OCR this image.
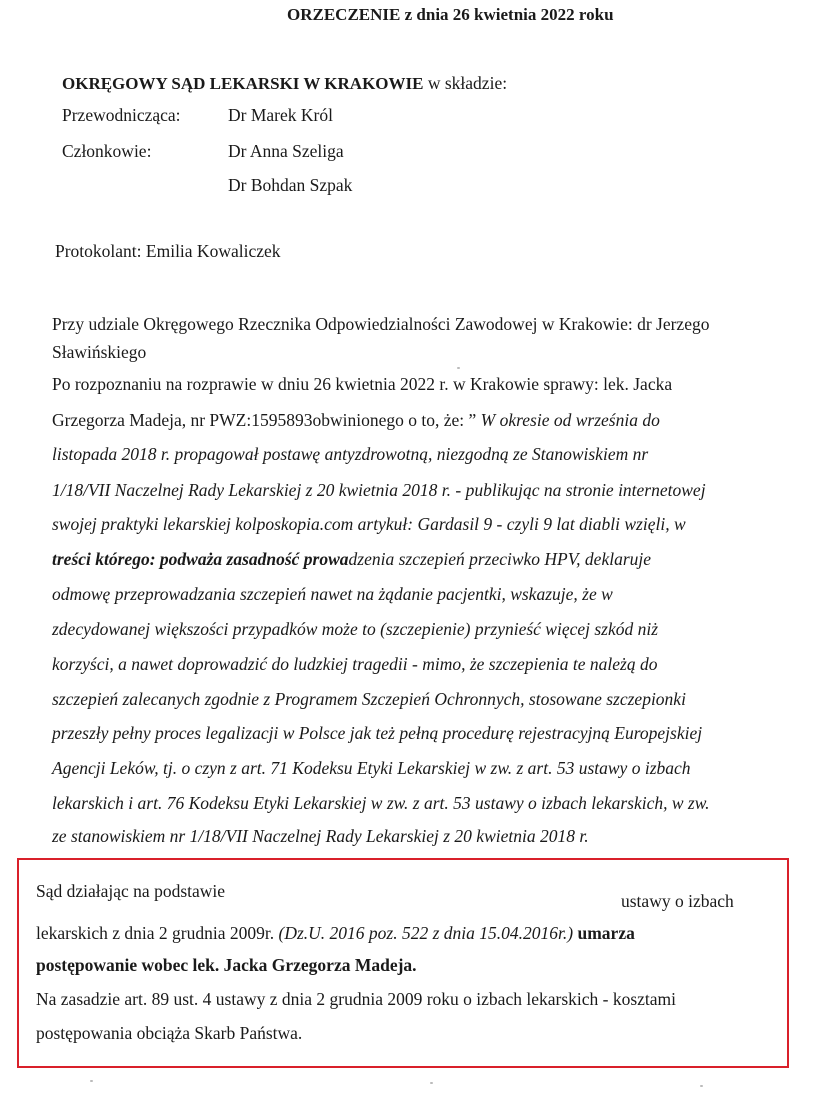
ORZECZENIE z dnia 26 kwietnia 2022 roku
OKRĘGOWY SĄD LEKARSKI W KRAKOWIE w składzie:
Przewodnicząca:	Dr Marek Król
Członkowie:	Dr Anna Szeliga
Dr Bohdan Szpak
Protokolant: Emilia Kowaliczek
Przy udziale Okręgowego Rzecznika Odpowiedzialności Zawodowej w Krakowie: dr Jerzego
Sławińskiego
Po rozpoznaniu na rozprawie w dniu 26 kwietnia 2022 r. w Krakowie sprawy: lek. Jacka
Grzegorza Madeja, nr PWZ:1595893obwinionego o to, że: ” W okresie od września do
listopada 2018 r. propagował postawę antyzdrowotną, niezgodną ze Stanowiskiem nr
1/18/VII Naczelnej Rady Lekarskiej z 20 kwietnia 2018 r. - publikując na stronie internetowej
swojej praktyki lekarskiej kolposkopia.com artykuł: Gardasil 9 - czyli 9 lat diabli wzięli, w
treści którego: podważa zasadność prowadzenia szczepień przeciwko HPV, deklaruje
odmowę przeprowadzania szczepień nawet na żądanie pacjentki, wskazuje, że w
zdecydowanej większości przypadków może to (szczepienie) przynieść więcej szkód niż
korzyści, a nawet doprowadzić do ludzkiej tragedii - mimo, że szczepienia te należą do
szczepień zalecanych zgodnie z Programem Szczepień Ochronnych, stosowane szczepionki
przeszły pełny proces legalizacji w Polsce jak też pełną procedurę rejestracyjną Europejskiej
Agencji Leków, tj. o czyn z art. 71 Kodeksu Etyki Lekarskiej w zw. z art. 53 ustawy o izbach
lekarskich i art. 76 Kodeksu Etyki Lekarskiej w zw. z art. 53 ustawy o izbach lekarskich, w zw.
ze stanowiskiem nr 1/18/VII Naczelnej Rady Lekarskiej z 20 kwietnia 2018 r.
Sąd działając na podstawie	ustawy o izbach
lekarskich z dnia 2 grudnia 2009r. (Dz.U. 2016 poz. 522 z dnia 15.04.2016r.) umarza
postępowanie wobec lek. Jacka Grzegorza Madeja.
Na zasadzie art. 89 ust. 4 ustawy z dnia 2 grudnia 2009 roku o izbach lekarskich - kosztami
postępowania obciąża Skarb Państwa.
